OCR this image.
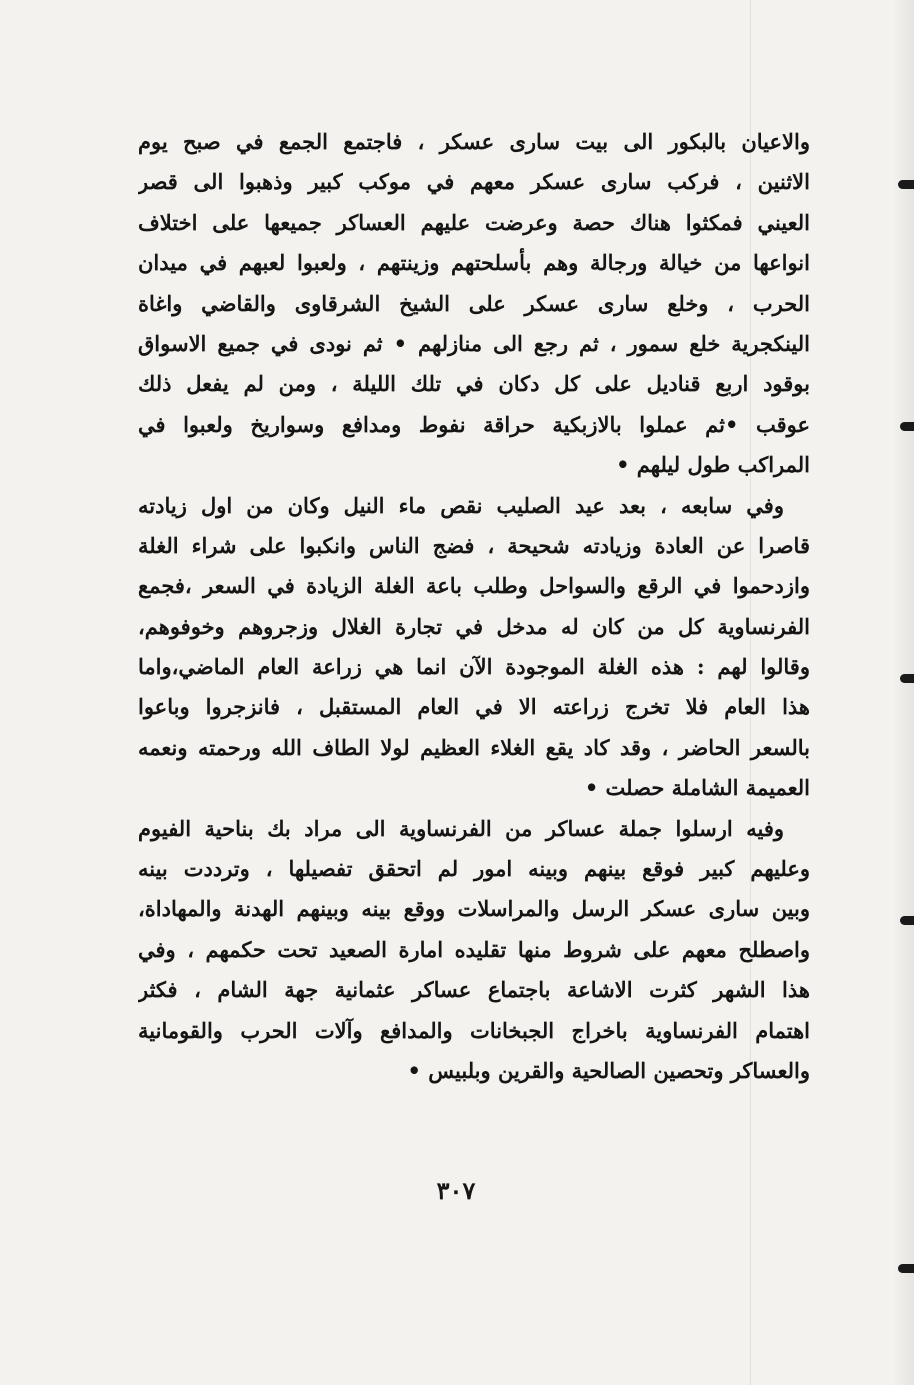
والاعيان بالبكور الى بيت سارى عسكر ، فاجتمع الجمع في صبح يوم
الاثنين ، فركب سارى عسكر معهم في موكب كبير وذهبوا الى قصر
العيني فمكثوا هناك حصة وعرضت عليهم العساكر جميعها على اختلاف
انواعها من خيالة ورجالة وهم بأسلحتهم وزينتهم ، ولعبوا لعبهم في ميدان
الحرب ، وخلع سارى عسكر على الشيخ الشرقاوى والقاضي واغاة
الينكجرية خلع سمور ، ثم رجع الى منازلهم • ثم نودى في جميع الاسواق
بوقود اربع قناديل على كل دكان في تلك الليلة ، ومن لم يفعل ذلك
عوقب •ثم عملوا بالازبكية حراقة نفوط ومدافع وسواريخ ولعبوا في
المراكب طول ليلهم •
وفي سابعه ، بعد عيد الصليب نقص ماء النيل وكان من اول زيادته
قاصرا عن العادة وزيادته شحيحة ، فضج الناس وانكبوا على شراء الغلة
وازدحموا في الرقع والسواحل وطلب باعة الغلة الزيادة في السعر ،فجمع
الفرنساوية كل من كان له مدخل في تجارة الغلال وزجروهم وخوفوهم،
وقالوا لهم : هذه الغلة الموجودة الآن انما هي زراعة العام الماضي،واما
هذا العام فلا تخرج زراعته الا في العام المستقبل ، فانزجروا وباعوا
بالسعر الحاضر ، وقد كاد يقع الغلاء العظيم لولا الطاف الله ورحمته ونعمه
العميمة الشاملة حصلت •
وفيه ارسلوا جملة عساكر من الفرنساوية الى مراد بك بناحية الفيوم
وعليهم كبير فوقع بينهم وبينه امور لم اتحقق تفصيلها ، وترددت بينه
وبين سارى عسكر الرسل والمراسلات ووقع بينه وبينهم الهدنة والمهاداة،
واصطلح معهم على شروط منها تقليده امارة الصعيد تحت حكمهم ، وفي
هذا الشهر كثرت الاشاعة باجتماع عساكر عثمانية جهة الشام ، فكثر
اهتمام الفرنساوية باخراج الجبخانات والمدافع وآلات الحرب والقومانية
والعساكر وتحصين الصالحية والقرين وبلبيس •
٣٠٧
